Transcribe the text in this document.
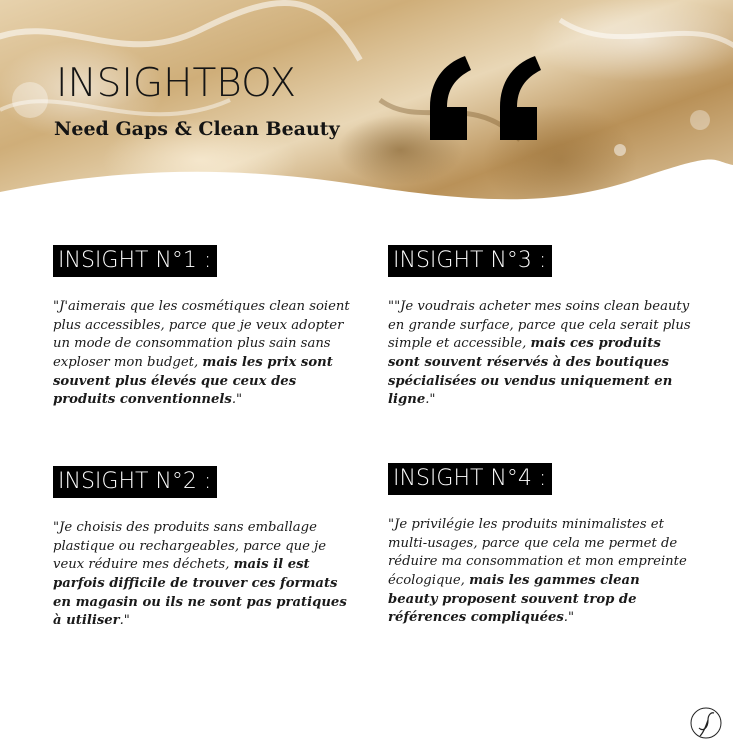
INSIGHTBOX
Need Gaps & Clean Beauty
INSIGHT N°1 :

"J'aimerais que les cosmétiques clean soient plus accessibles, parce que je veux adopter un mode de consommation plus sain sans exploser mon budget, mais les prix sont souvent plus élevés que ceux des produits conventionnels."

INSIGHT N°2 :

"Je choisis des produits sans emballage plastique ou rechargeables, parce que je veux réduire mes déchets, mais il est parfois difficile de trouver ces formats en magasin ou ils ne sont pas pratiques à utiliser."

INSIGHT N°3 :

""Je voudrais acheter mes soins clean beauty en grande surface, parce que cela serait plus simple et accessible, mais ces produits sont souvent réservés à des boutiques spécialisées ou vendus uniquement en ligne."

INSIGHT N°4 :

"Je privilégie les produits minimalistes et multi-usages, parce que cela me permet de réduire ma consommation et mon empreinte écologique, mais les gammes clean beauty proposent souvent trop de références compliquées."
